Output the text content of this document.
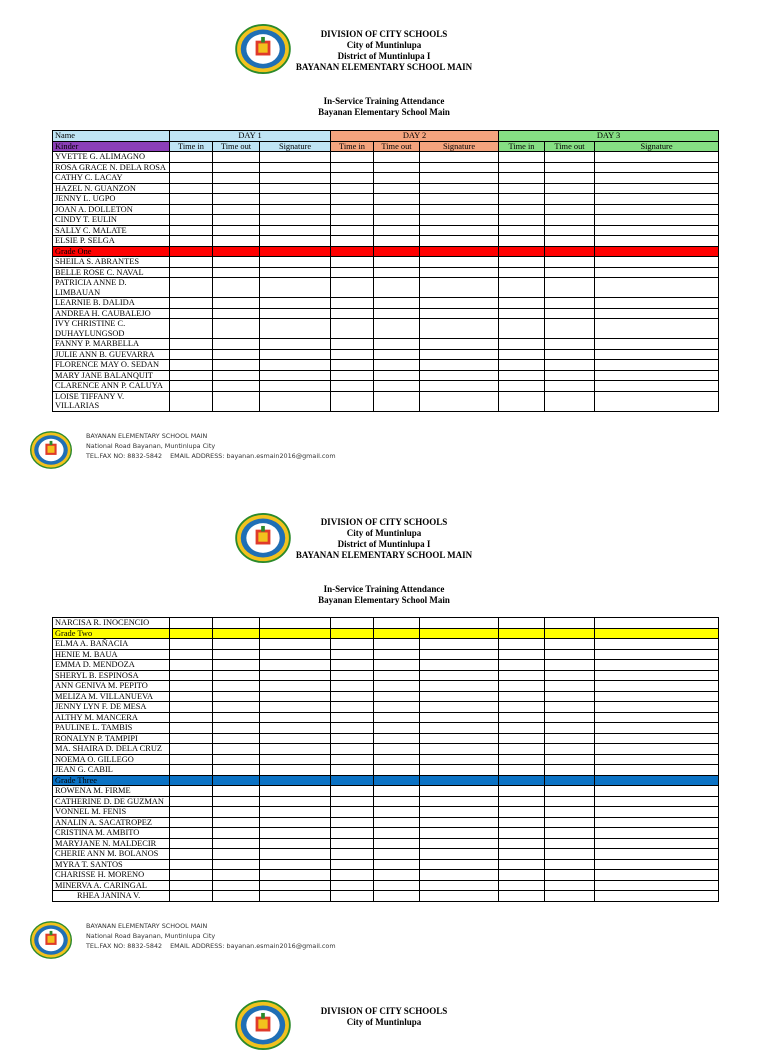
DIVISION OF CITY SCHOOLS
City of Muntinlupa
District of Muntinlupa I
BAYANAN ELEMENTARY SCHOOL MAIN
In-Service Training Attendance
Bayanan Elementary School Main
Name	DAY 1			DAY 2			DAY 3		
Kinder	Time in	Time out	Signature	Time in	Time out	Signature	Time in	Time out	Signature
YVETTE G. ALIMAGNO									
ROSA GRACE N. DELA ROSA									
CATHY C. LACAY									
HAZEL N. GUANZON									
JENNY L. UGPO									
JOAN A. DOLLETON									
CINDY T. EULIN									
SALLY C. MALATE									
ELSIE P. SELGA									
Grade One									
SHEILA S. ABRANTES									
BELLE ROSE C. NAVAL									
PATRICIA ANNE D. LIMBAUAN									
LEARNIE B. DALIDA									
ANDREA H. CAUBALEJO									
IVY CHRISTINE C. DUHAYLUNGSOD									
FANNY P. MARBELLA									
JULIE ANN B. GUEVARRA									
FLORENCE MAY O. SEDAN									
MARY JANE BALANQUIT									
CLARENCE ANN P. CALUYA									
LOISE TIFFANY V. VILLARIAS									
BAYANAN ELEMENTARY SCHOOL MAIN
National Road Bayanan, Muntinlupa City
TEL.FAX NO: 8832-5842 EMAIL ADDRESS: bayanan.esmain2016@gmail.com
DIVISION OF CITY SCHOOLS
City of Muntinlupa
District of Muntinlupa I
BAYANAN ELEMENTARY SCHOOL MAIN
In-Service Training Attendance
Bayanan Elementary School Main
NARCISA R. INOCENCIO									
Grade Two									
ELMA A. BAÑACIA									
HENIE M. BAUA									
EMMA D. MENDOZA									
SHERYL B. ESPINOSA									
ANN GENIVA M. PEPITO									
MELIZA M. VILLANUEVA									
JENNY LYN F. DE MESA									
ALTHY M. MANCERA									
PAULINE L. TAMBIS									
RONALYN P. TAMPIPI									
MA. SHAIRA D. DELA CRUZ									
NOEMA O. GILLEGO									
JEAN G. CABIL									
Grade Three									
ROWENA M. FIRME									
CATHERINE D. DE GUZMAN									
VONNEL M. FENIS									
ANALIN A. SACATROPEZ									
CRISTINA M. AMBITO									
MARYJANE N. MALDECIR									
CHERIE ANN M. BOLANOS									
MYRA T. SANTOS									
CHARISSE H. MORENO									
MINERVA A. CARINGAL									
RHEA JANINA V.									
BAYANAN ELEMENTARY SCHOOL MAIN
National Road Bayanan, Muntinlupa City
TEL.FAX NO: 8832-5842 EMAIL ADDRESS: bayanan.esmain2016@gmail.com
DIVISION OF CITY SCHOOLS
City of Muntinlupa
